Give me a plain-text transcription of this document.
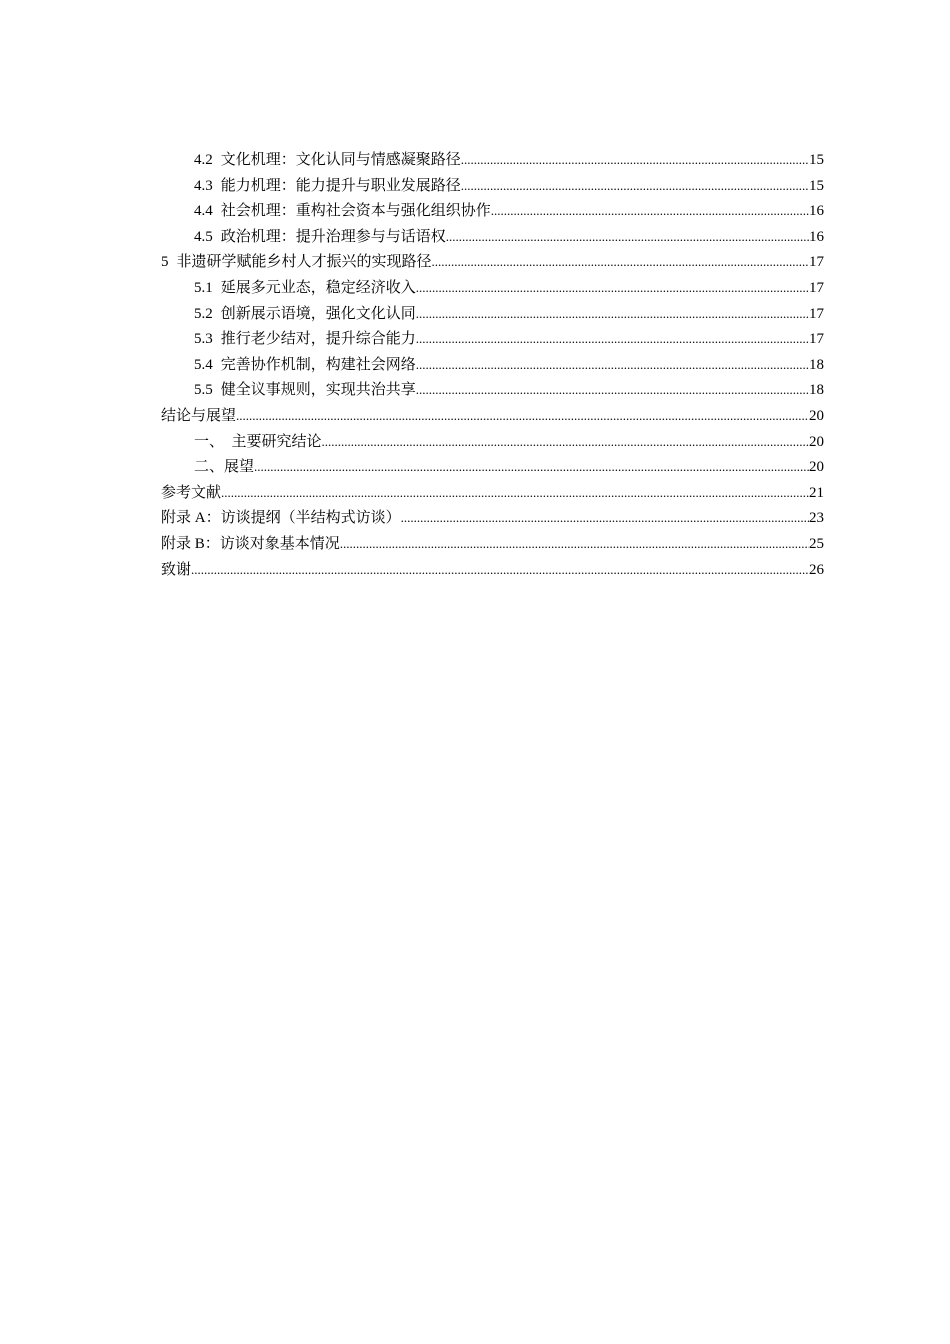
4.2 文化机理：文化认同与情感凝聚路径 .....	15
4.3 能力机理：能力提升与职业发展路径 .....	15
4.4 社会机理：重构社会资本与强化组织协作 .....	16
4.5 政治机理：提升治理参与与话语权 .....	16
5 非遗研学赋能乡村人才振兴的实现路径 .....	17
5.1 延展多元业态，稳定经济收入 .....	17
5.2 创新展示语境，强化文化认同 .....	17
5.3 推行老少结对，提升综合能力 .....	17
5.4 完善协作机制，构建社会网络 .....	18
5.5 健全议事规则，实现共治共享 .....	18
结论与展望 .....	20
一、  主要研究结论 .....	20
二、展望 .....	20
参考文献 .....	21
附录 A：访谈提纲（半结构式访谈） .....	23
附录 B：访谈对象基本情况 .....	25
致谢 .....	26
